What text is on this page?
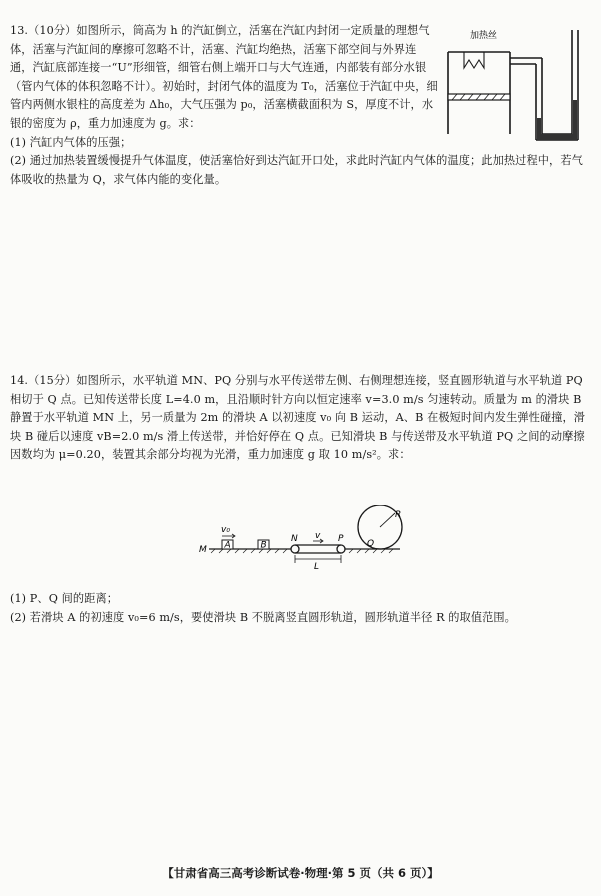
13.（10分）如图所示，筒高为 h 的汽缸倒立，活塞在汽缸内封闭一定质量的理想气体，活塞与汽缸间的摩擦可忽略不计，活塞、汽缸均绝热，活塞下部空间与外界连通，汽缸底部连接一“U”形细管，细管右侧上端开口与大气连通，内部装有部分水银（管内气体的体积忽略不计）。初始时，封闭气体的温度为 T₀，活塞位于汽缸中央，细管内两侧水银柱的高度差为 Δh₀，大气压强为 p₀，活塞横截面积为 S，厚度不计，水银的密度为 ρ，重力加速度为 g。求：

(1) 汽缸内气体的压强；

(2) 通过加热装置缓慢提升气体温度，使活塞恰好到达汽缸开口处，求此时汽缸内气体的温度；此加热过程中，若气体吸收的热量为 Q，求气体内能的变化量。

加热丝

14.（15分）如图所示，水平轨道 MN、PQ 分别与水平传送带左侧、右侧理想连接，竖直圆形轨道与水平轨道 PQ 相切于 Q 点。已知传送带长度 L=4.0 m，且沿顺时针方向以恒定速率 v=3.0 m/s 匀速转动。质量为 m 的滑块 B 静置于水平轨道 MN 上，另一质量为 2m 的滑块 A 以初速度 v₀ 向 B 运动，A、B 在极短时间内发生弹性碰撞，滑块 B 碰后以速度 vB=2.0 m/s 滑上传送带，并恰好停在 Q 点。已知滑块 B 与传送带及水平轨道 PQ 之间的动摩擦因数均为 μ=0.20，装置其余部分均视为光滑，重力加速度 g 取 10 m/s²。求：

M A	B
v₀
N v P	Q
R
L

(1) P、Q 间的距离；

(2) 若滑块 A 的初速度 v₀=6 m/s，要使滑块 B 不脱离竖直圆形轨道，圆形轨道半径 R 的取值范围。

【甘肃省高三高考诊断试卷·物理·第 5 页（共 6 页）】
